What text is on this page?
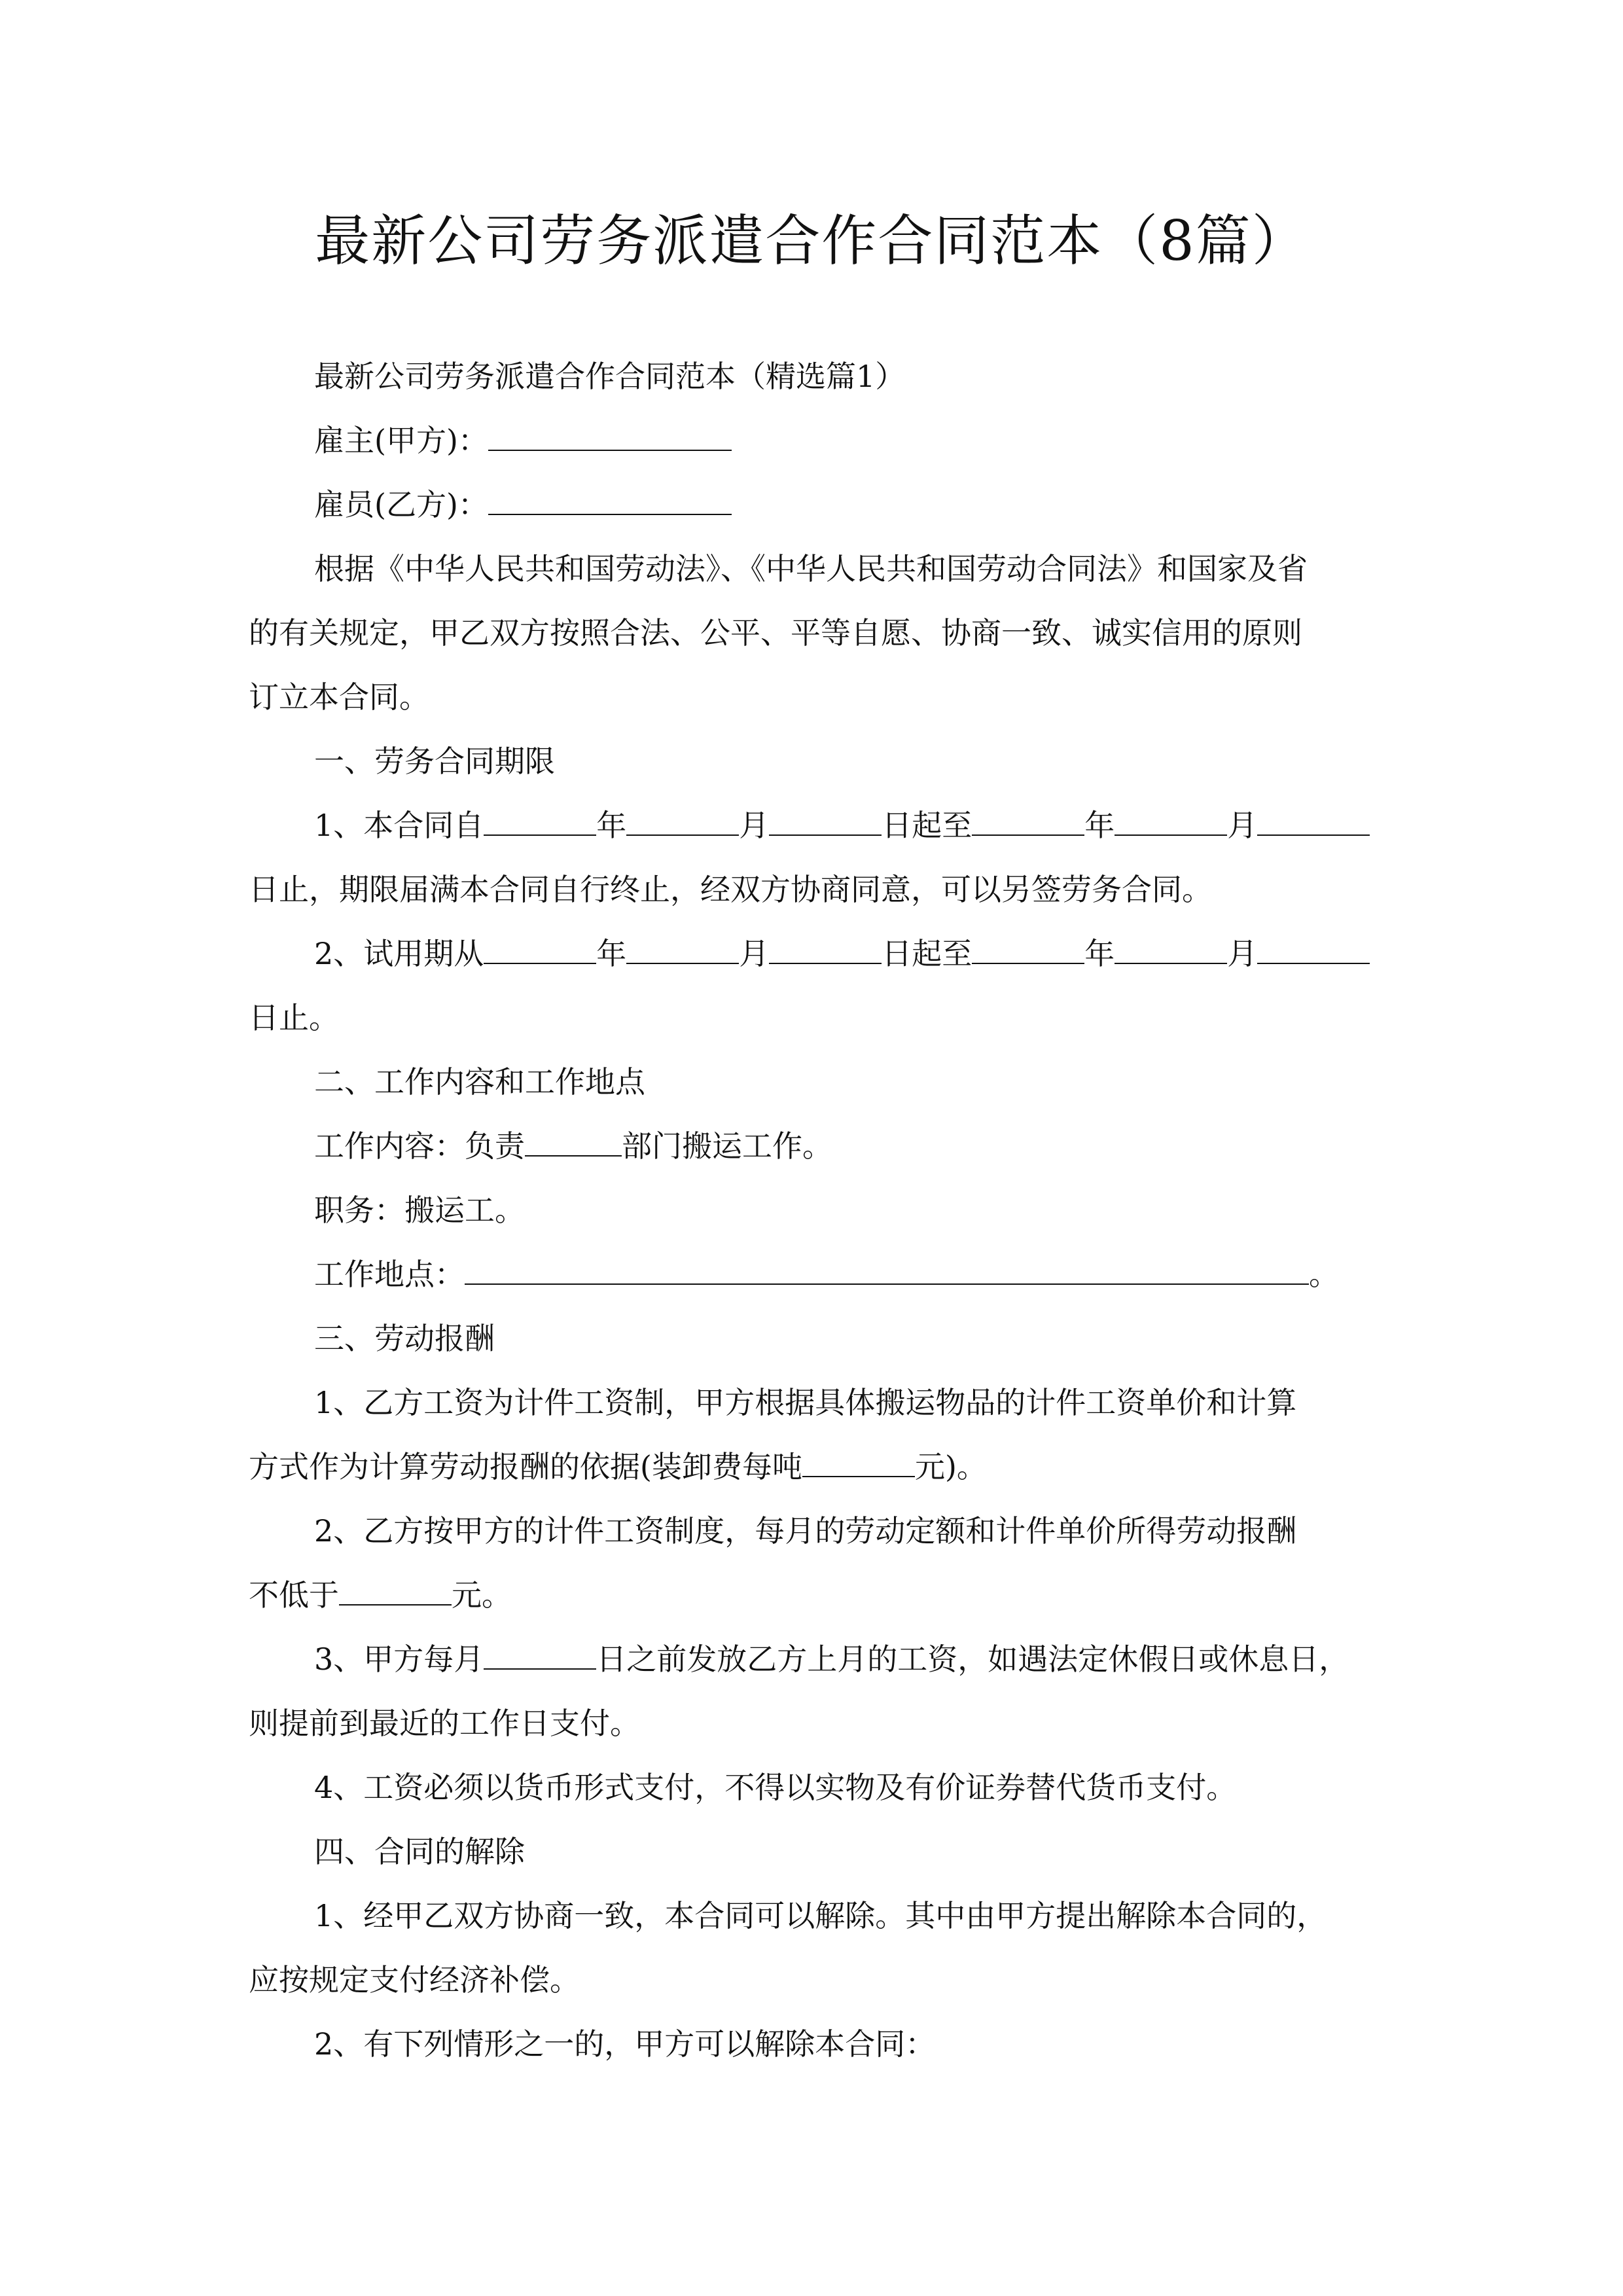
最新公司劳务派遣合作合同范本（8篇）
最新公司劳务派遣合作合同范本（精选篇1）
雇主(甲方)：
雇员(乙方)：
根据《中华人民共和国劳动法》、《中华人民共和国劳动合同法》和国家及省
的有关规定，甲乙双方按照合法、公平、平等自愿、协商一致、诚实信用的原则
订立本合同。
一、劳务合同期限
1、本合同自	年	月	日起至	年	月
日止，期限届满本合同自行终止，经双方协商同意，可以另签劳务合同。
2、试用期从	年	月	日起至	年	月
日止。
二、工作内容和工作地点
工作内容：负责	部门搬运工作。
职务：搬运工。
工作地点：	。
三、劳动报酬
1、乙方工资为计件工资制，甲方根据具体搬运物品的计件工资单价和计算
方式作为计算劳动报酬的依据(装卸费每吨	元)。
2、乙方按甲方的计件工资制度，每月的劳动定额和计件单价所得劳动报酬
不低于	元。
3、甲方每月	日之前发放乙方上月的工资，如遇法定休假日或休息日，
则提前到最近的工作日支付。
4、工资必须以货币形式支付，不得以实物及有价证券替代货币支付。
四、合同的解除
1、经甲乙双方协商一致，本合同可以解除。其中由甲方提出解除本合同的，
应按规定支付经济补偿。
2、有下列情形之一的，甲方可以解除本合同：
